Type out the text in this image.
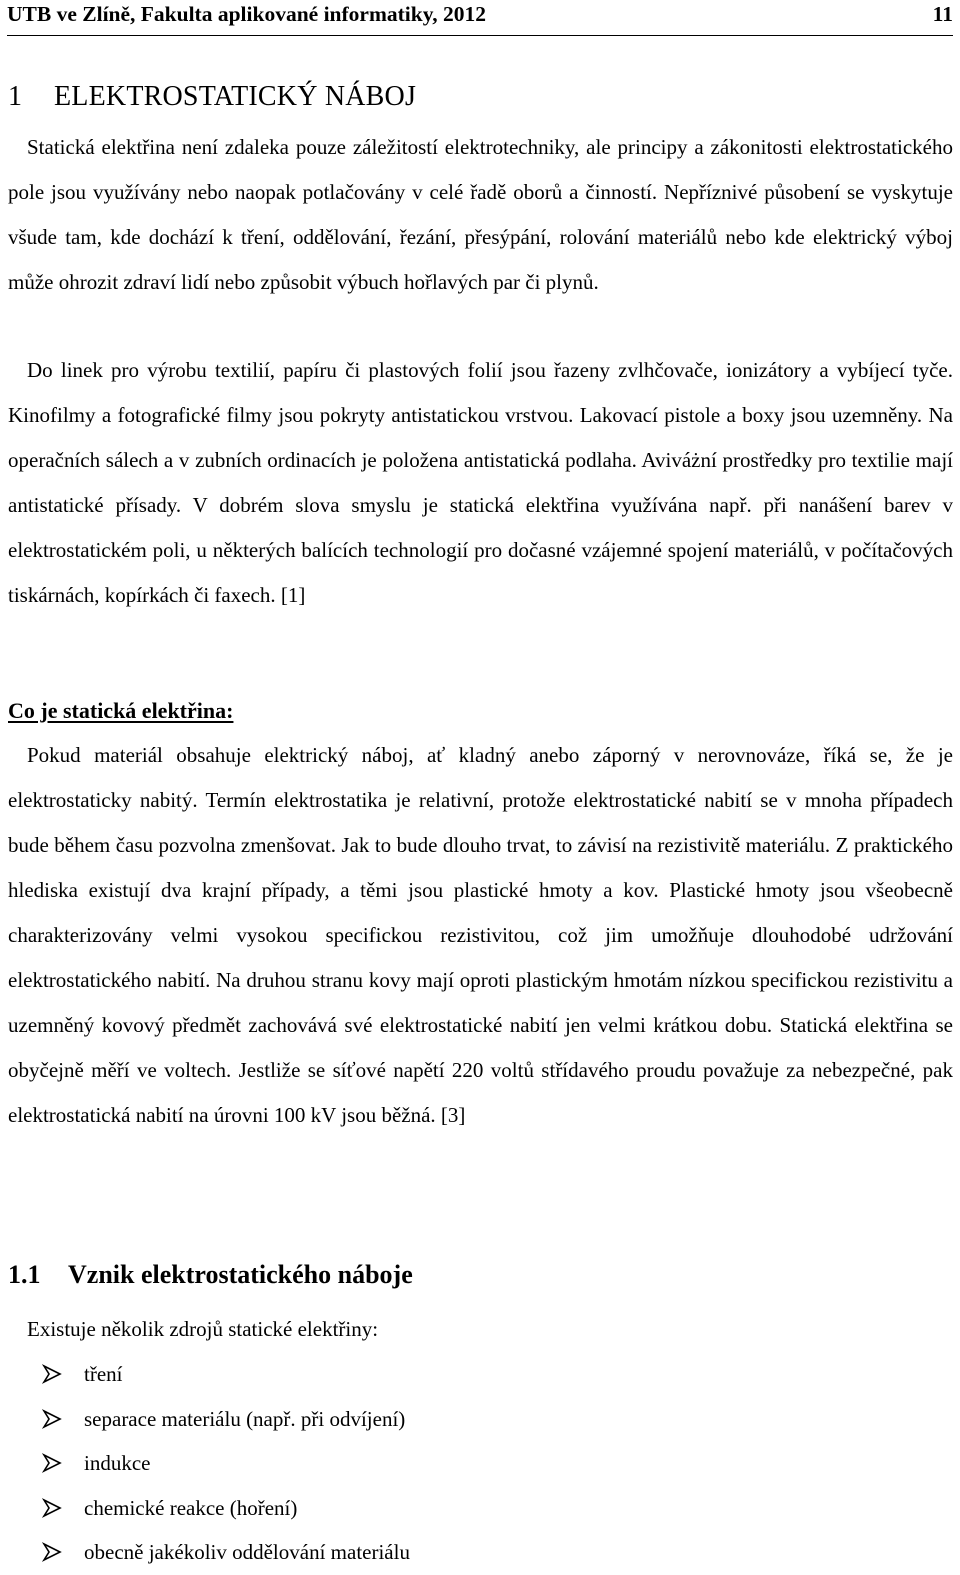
UTB ve Zlíně, Fakulta aplikované informatiky, 2012	11
1 ELEKTROSTATICKÝ NÁBOJ

Statická elektřina není zdaleka pouze záležitostí elektrotechniky, ale principy a zákonitosti elektrostatického pole jsou využívány nebo naopak potlačovány v celé řadě oborů a činností. Nepříznivé působení se vyskytuje všude tam, kde dochází k tření, oddělování, řezání, přesýpání, rolování materiálů nebo kde elektrický výboj může ohrozit zdraví lidí nebo způsobit výbuch hořlavých par či plynů.

Do linek pro výrobu textilií, papíru či plastových folií jsou řazeny zvlhčovače, ionizátory a vybíjecí tyče. Kinofilmy a fotografické filmy jsou pokryty antistatickou vrstvou. Lakovací pistole a boxy jsou uzemněny. Na operačních sálech a v zubních ordinacích je položena antistatická podlaha. Aviváżní prostředky pro textilie mají antistatické přísady. V dobrém slova smyslu je statická elektřina využívána např. při nanášení barev v elektrostatickém poli, u některých balících technologií pro dočasné vzájemné spojení materiálů, v počítačových tiskárnách, kopírkách či faxech. [1]

Co je statická elektřina:

Pokud materiál obsahuje elektrický náboj, ať kladný anebo záporný v nerovnováze, říká se, že je elektrostaticky nabitý. Termín elektrostatika je relativní, protože elektrostatické nabití se v mnoha případech bude během času pozvolna zmenšovat. Jak to bude dlouho trvat, to závisí na rezistivitě materiálu. Z praktického hlediska existují dva krajní případy, a těmi jsou plastické hmoty a kov. Plastické hmoty jsou všeobecně charakterizovány velmi vysokou specifickou rezistivitou, což jim umožňuje dlouhodobé udržování elektrostatického nabití. Na druhou stranu kovy mají oproti plastickým hmotám nízkou specificko​u rezistivitu a uzemněný kovový předmět zachovává své elektrostatické nabití jen velmi krátkou dobu. Statická elektřina se obyčejně měří ve voltech. Jestliže se síťové napětí 220 voltů střídavého proudu považuje za nebezpečné, pak elektrostatická nabití na úrovni 100 kV jsou běžná. [3]

1.1 Vznik elektrostatického náboje
Existuje několik zdrojů statické elektřiny:
tření
separace materiálu (např. při odvíjení)
indukce
chemické reakce (hoření)
obecně jakékoliv oddělování materiálu
